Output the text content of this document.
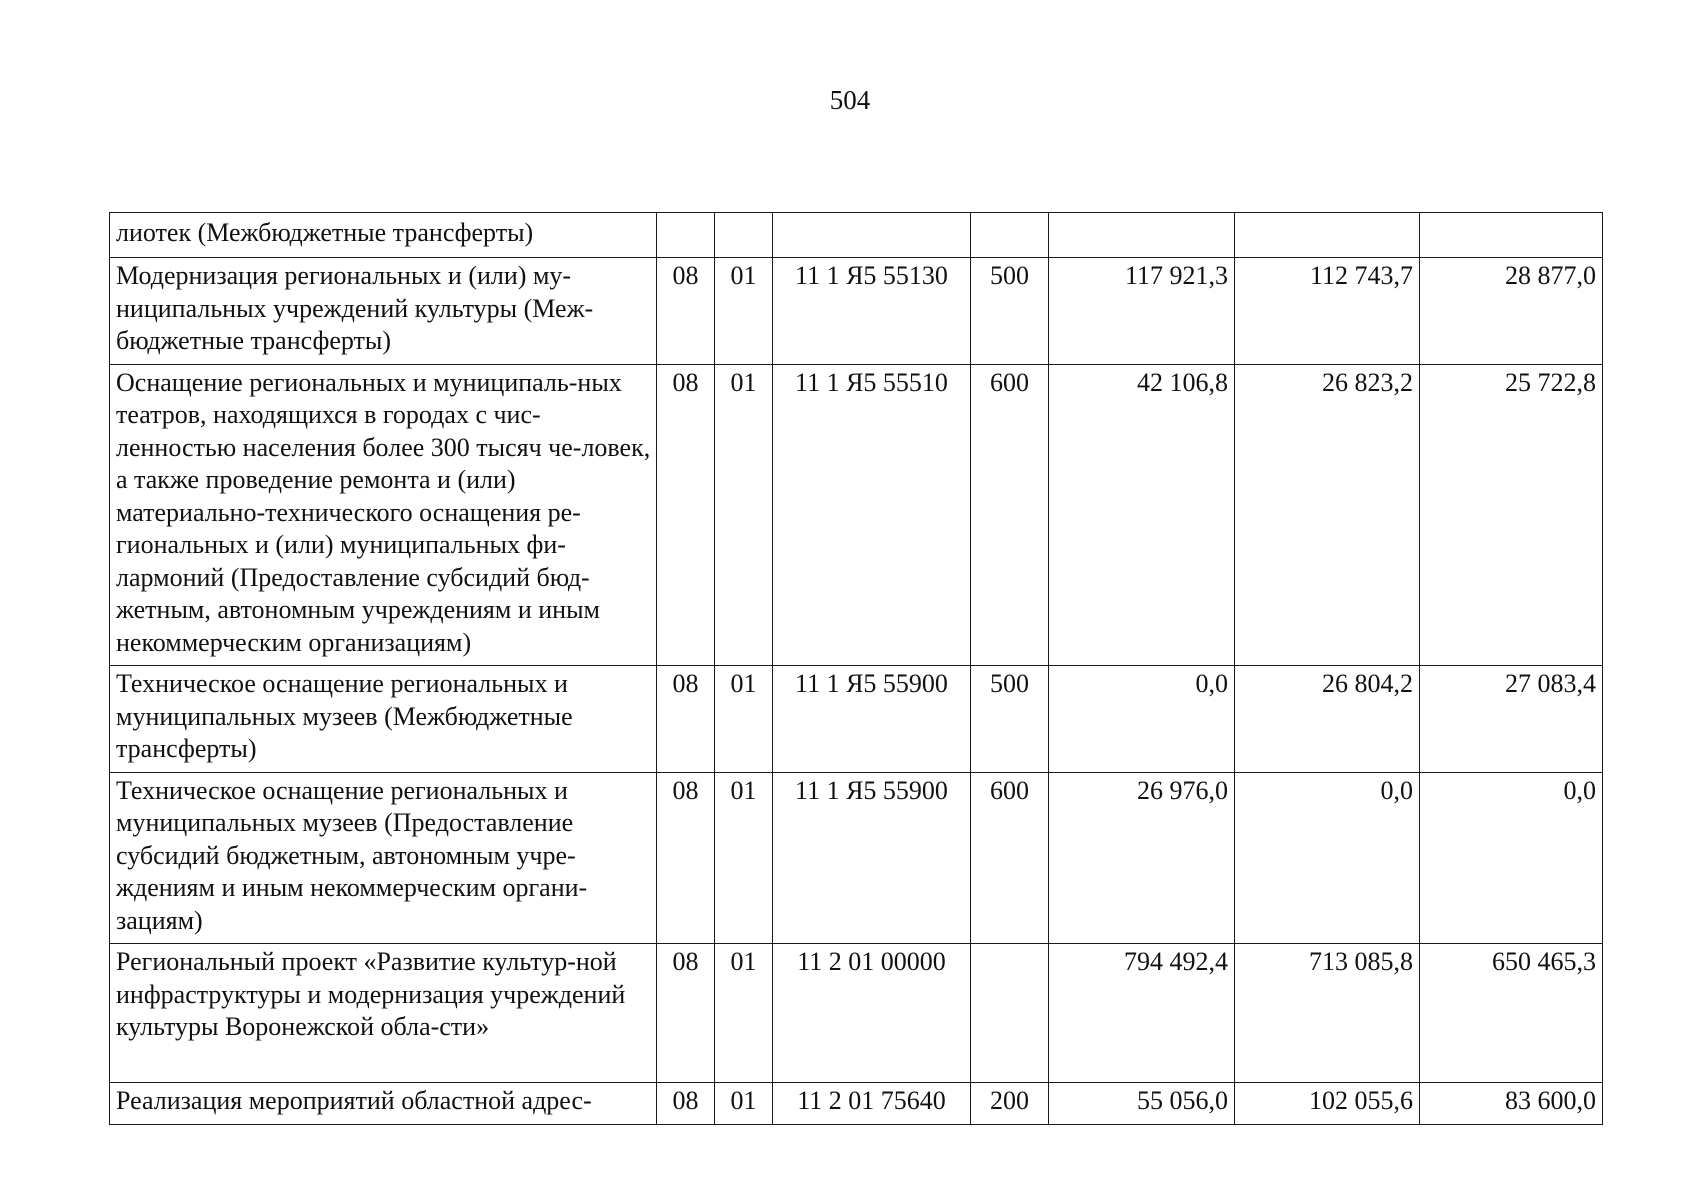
504
лиотек (Межбюджетные трансферты)							
Модернизация региональных и (или) му-ниципальных учреждений культуры (Меж-бюджетные трансферты)	08	01	11 1 Я5 55130	500	117 921,3	112 743,7	28 877,0
Оснащение региональных и муниципаль-ных театров, находящихся в городах с чис-ленностью населения более 300 тысяч че-ловек, а также проведение ремонта и (или) материально-технического оснащения ре-гиональных и (или) муниципальных фи-лармоний (Предоставление субсидий бюд-жетным, автономным учреждениям и иным некоммерческим организациям)	08	01	11 1 Я5 55510	600	42 106,8	26 823,2	25 722,8
Техническое оснащение региональных и муниципальных музеев (Межбюджетные трансферты)	08	01	11 1 Я5 55900	500	0,0	26 804,2	27 083,4
Техническое оснащение региональных и муниципальных музеев (Предоставление субсидий бюджетным, автономным учре-ждениям и иным некоммерческим органи-зациям)	08	01	11 1 Я5 55900	600	26 976,0	0,0	0,0
Региональный проект «Развитие культур-ной инфраструктуры и модернизация учреждений культуры Воронежской обла-сти»	08	01	11 2 01 00000		794 492,4	713 085,8	650 465,3
Реализация мероприятий областной адрес-	08	01	11 2 01 75640	200	55 056,0	102 055,6	83 600,0
